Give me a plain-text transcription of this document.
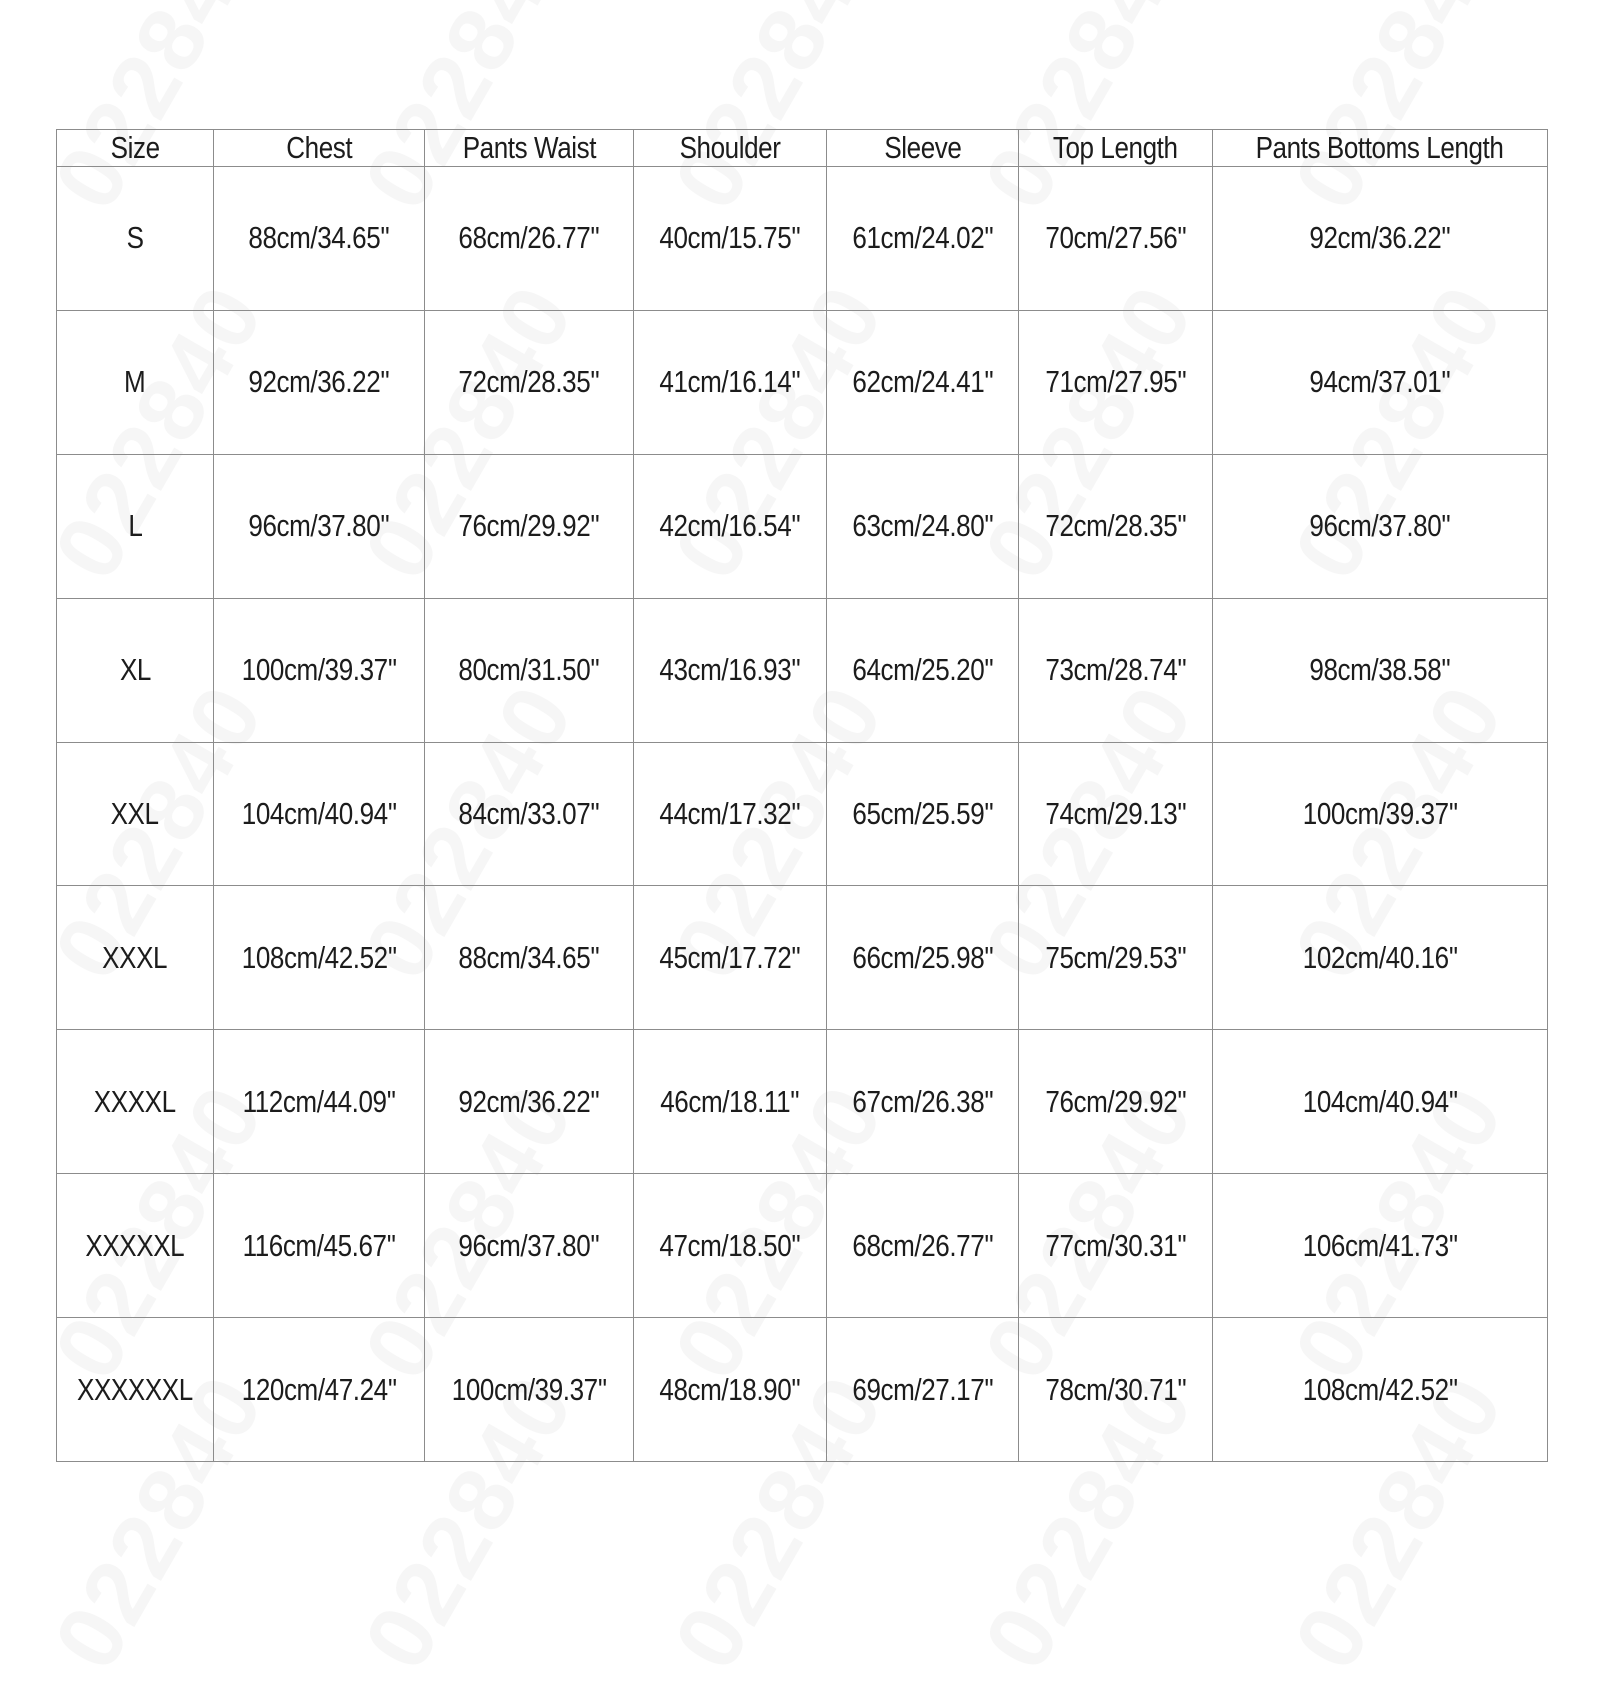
Size	Chest	Pants Waist	Shoulder	Sleeve	Top Length	Pants Bottoms Length
S	88cm/34.65''	68cm/26.77''	40cm/15.75''	61cm/24.02''	70cm/27.56''	92cm/36.22''
M	92cm/36.22''	72cm/28.35''	41cm/16.14''	62cm/24.41''	71cm/27.95''	94cm/37.01''
L	96cm/37.80''	76cm/29.92''	42cm/16.54''	63cm/24.80''	72cm/28.35''	96cm/37.80''
XL	100cm/39.37''	80cm/31.50''	43cm/16.93''	64cm/25.20''	73cm/28.74''	98cm/38.58''
XXL	104cm/40.94''	84cm/33.07''	44cm/17.32''	65cm/25.59''	74cm/29.13''	100cm/39.37''
XXXL	108cm/42.52''	88cm/34.65''	45cm/17.72''	66cm/25.98''	75cm/29.53''	102cm/40.16''
XXXXL	112cm/44.09''	92cm/36.22''	46cm/18.11''	67cm/26.38''	76cm/29.92''	104cm/40.94''
XXXXXL	116cm/45.67''	96cm/37.80''	47cm/18.50''	68cm/26.77''	77cm/30.31''	106cm/41.73''
XXXXXXL	120cm/47.24''	100cm/39.37''	48cm/18.90''	69cm/27.17''	78cm/30.71''	108cm/42.52''
